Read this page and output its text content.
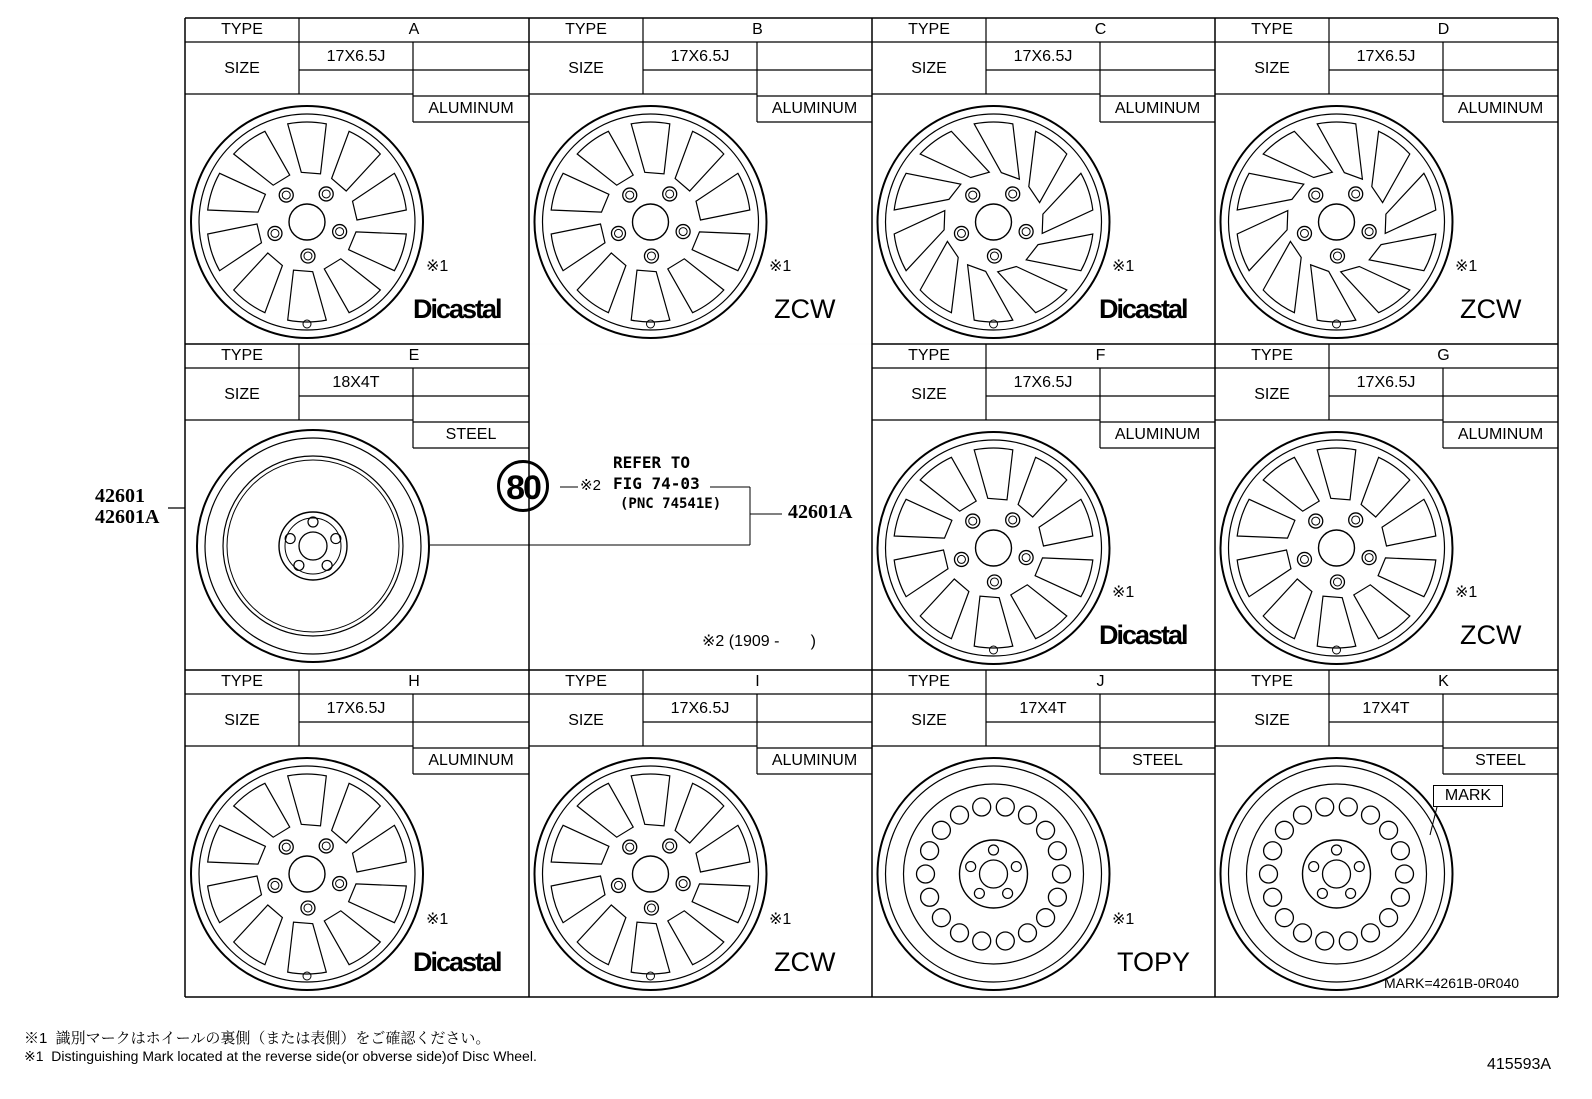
TYPE	A
SIZE
17X6.5J
ALUMINUM
※1
Dicastal
TYPE	B
SIZE
17X6.5J
ALUMINUM
※1
ZCW
TYPE	C
SIZE
17X6.5J
ALUMINUM
※1
Dicastal
TYPE	D
SIZE
17X6.5J
ALUMINUM
※1
ZCW
TYPE	E
SIZE
18X4T
STEEL
TYPE	F
SIZE
17X6.5J
ALUMINUM
※1
Dicastal
TYPE	G
SIZE
17X6.5J
ALUMINUM
※1
ZCW
TYPE	H
SIZE
17X6.5J
ALUMINUM
※1
Dicastal
TYPE	I
SIZE
17X6.5J
ALUMINUM
※1
ZCW
TYPE	J
SIZE
17X4T
STEEL
※1
TOPY
TYPE	K
SIZE
17X4T
STEEL
42601
42601A	42601A
80	※2
REFER TO
FIG 74-03
(PNC 74541E)
※2 (1909 -       )
MARK
MARK=4261B-0R040
※1  識別マークはホイールの裏側（または表側）をご確認ください。
※1  Distinguishing Mark located at the reverse side(or obverse side)of Disc Wheel.	415593A
